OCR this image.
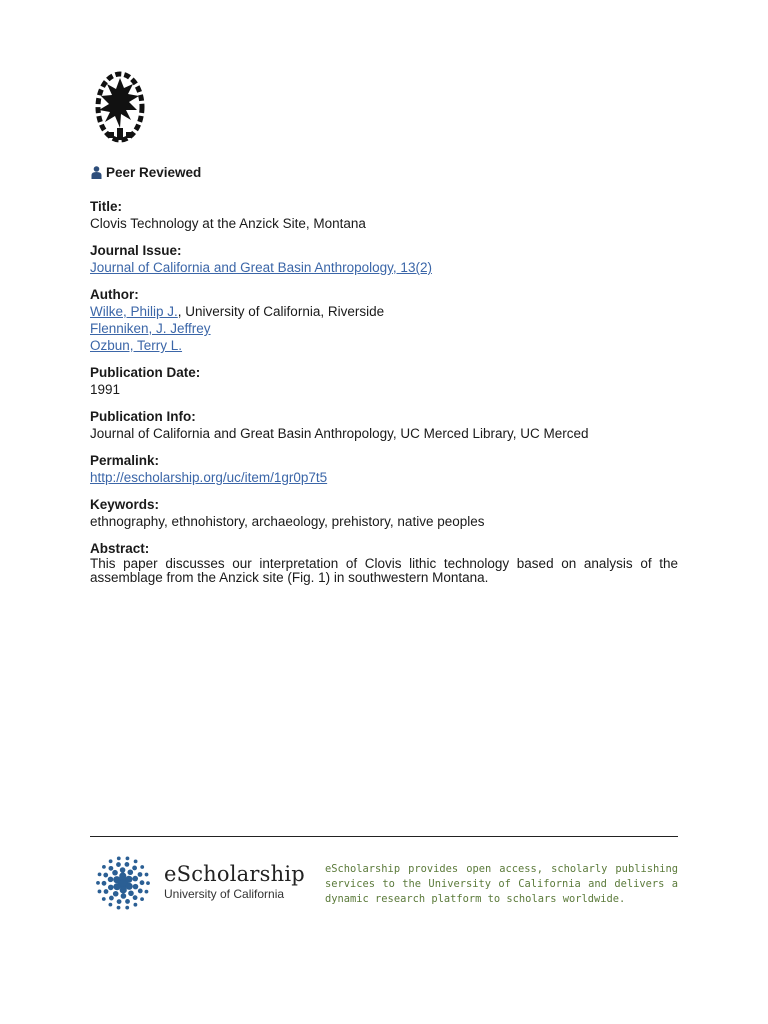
Peer Reviewed
Title:
Clovis Technology at the Anzick Site, Montana
Journal Issue:
Journal of California and Great Basin Anthropology, 13(2)
Author:
Wilke, Philip J., University of California, Riverside
Flenniken, J. Jeffrey
Ozbun, Terry L.
Publication Date:
1991
Publication Info:
Journal of California and Great Basin Anthropology, UC Merced Library, UC Merced
Permalink:
http://escholarship.org/uc/item/1gr0p7t5
Keywords:
ethnography, ethnohistory, archaeology, prehistory, native peoples
Abstract:
This paper discusses our interpretation of Clovis lithic technology based on analysis of the assemblage from the Anzick site (Fig. 1) in southwestern Montana.
eScholarship
University of California
eScholarship provides open access, scholarly publishing services to the University of California and delivers a dynamic research platform to scholars worldwide.
